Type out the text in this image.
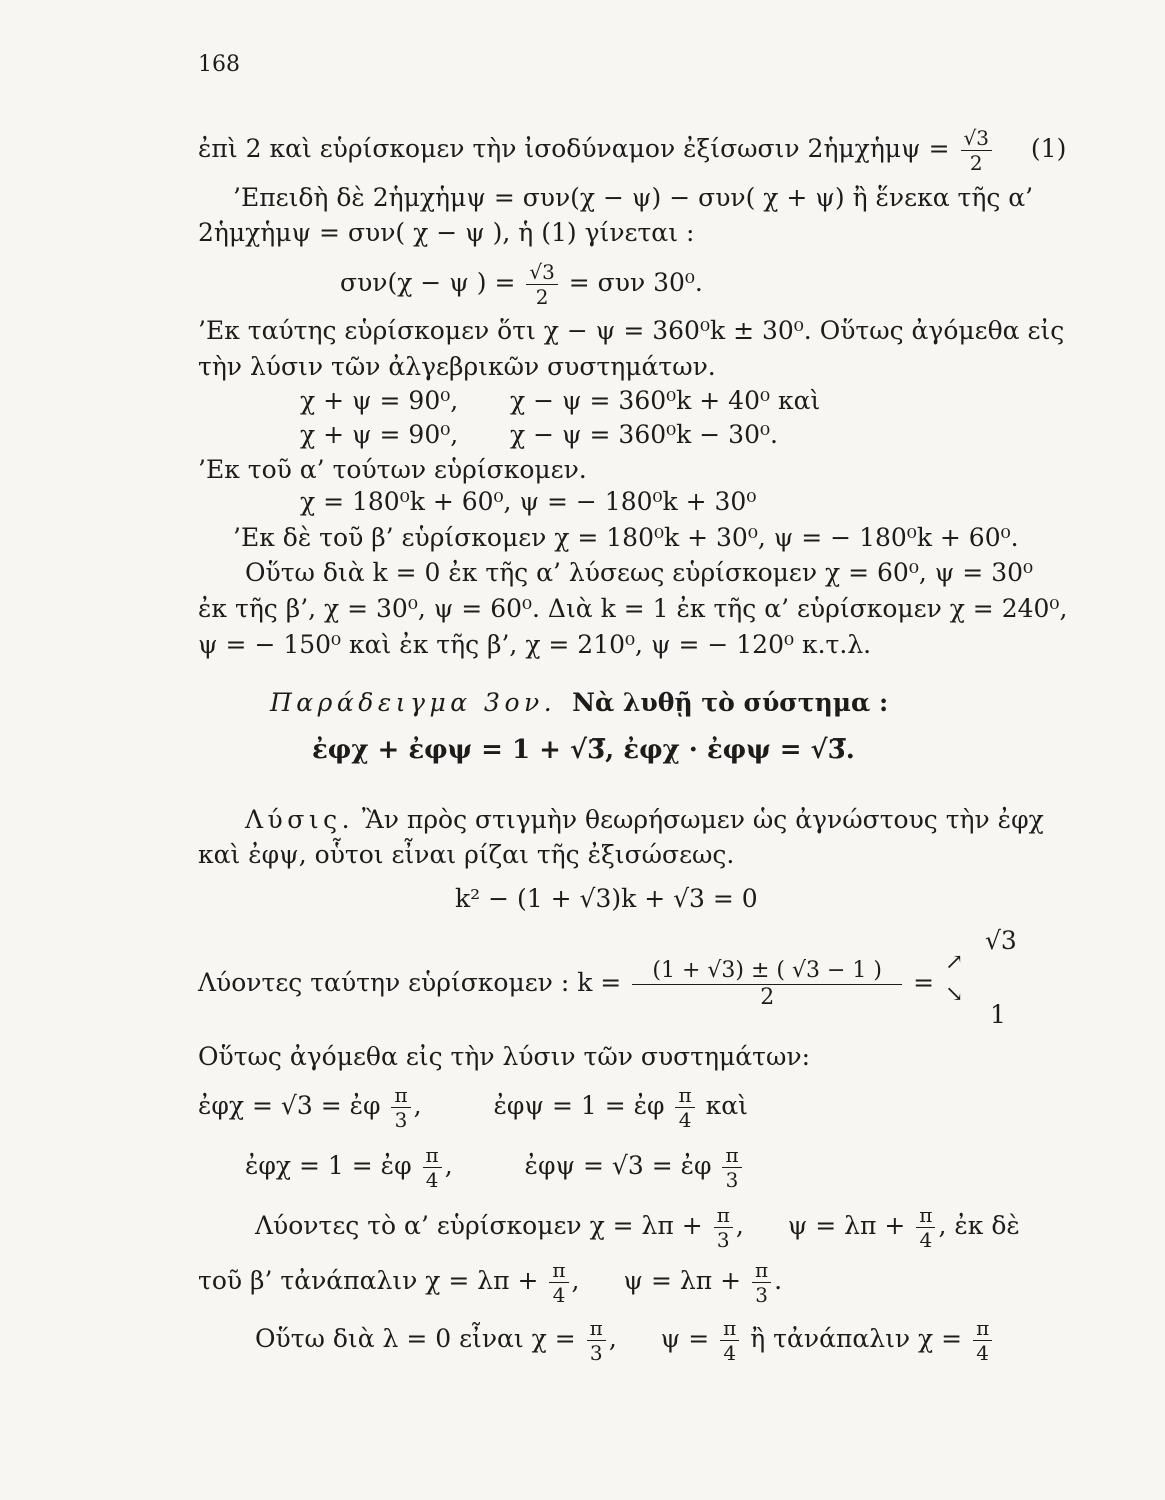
168
ἐπὶ 2 καὶ εὑρίσκομεν τὴν ἰσοδύναμον ἐξίσωσιν 2ἡμχἡμψ = $\frac{√3}{2} (1)$
’Επειδὴ δὲ 2ἡμχἡμψ = συν(χ − ψ) − συν( χ + ψ) ἢ ἕνεκα τῆς α’
2ἡμχἡμψ = συν( χ − ψ ), ἡ (1) γίνεται :
συν(χ − ψ ) = $\frac{√3}{2} = \sigma\upsilon\nu$ 30⁰.
’Εκ ταύτης εὑρίσκομεν ὅτι χ − ψ = 360⁰k ± 30⁰. Οὕτως ἀγόμεθα εἰς
τὴν λύσιν τῶν ἀλγεβρικῶν συστημάτων.
χ + ψ = 90⁰, χ − ψ = 360⁰k + 40⁰ καὶ
χ + ψ = 90⁰, χ − ψ = 360⁰k − 30⁰.
’Εκ τοῦ α’ τούτων εὑρίσκομεν.
χ = 180⁰k + 60⁰, ψ = − 180⁰k + 30⁰
’Εκ δὲ τοῦ β’ εὑρίσκομεν χ = 180⁰k + 30⁰, ψ = − 180⁰k + 60⁰.
Οὕτω διὰ k = 0 ἐκ τῆς α’ λύσεως εὑρίσκομεν χ = 60⁰, ψ = 30⁰
ἐκ τῆς β’, χ = 30⁰, ψ = 60⁰. Διὰ k = 1 ἐκ τῆς α’ εὑρίσκομεν χ = 240⁰,
ψ = − 150⁰ καὶ ἐκ τῆς β’, χ = 210⁰, ψ = − 120⁰ κ.τ.λ.
Παράδειγμα 3ον. Νὰ λυθῇ τὸ σύστημα :
ἐφχ + ἐφψ = 1 + √3̅, ἐφχ · ἐφψ = √3̅.
Λύσις. Ἂν πρὸς στιγμὴν θεωρήσωμεν ὡς ἀγνώστους τὴν ἐφχ
καὶ ἐφψ, οὗτοι εἶναι ρίζαι τῆς ἐξισώσεως.
k² − (1 + √3)k + √3 = 0
Λύοντες ταύτην εὑρίσκομεν : $k = \frac{(1 + √3) \pm ( √3 - 1 )}{2}$ =
↗
↘
√3
1
Οὕτως ἀγόμεθα εἰς τὴν λύσιν τῶν συστημάτων:
ἐφχ = √3 = ἐφ $\frac{\pi}{3}$ ,	ἐφψ = 1 = ἐφ $\frac{\pi}{4}$ καὶ
ἐφχ = 1 = ἐφ $\frac{\pi}{4}$ ,	ἐφψ = √3 = ἐφ $\frac{\pi}{3}$
Λύοντες τὸ α’ εὑρίσκομεν $\chi = \lambda\pi + \frac{\pi}{3}$ , $\psi = \lambda\pi + \frac{\pi}{4}$ , ἐκ δὲ
τοῦ β’ τἀνάπαλιν $\chi = \lambda\pi + \frac{\pi}{4}$ , $\psi = \lambda\pi + \frac{\pi}{3}$ .
Οὕτω διὰ λ = 0 εἶναι $\chi = \frac{\pi}{3}$ , $\psi = \frac{\pi}{4}$ ἢ τἀνάπαλιν $\chi = \frac{\pi}{4}$
